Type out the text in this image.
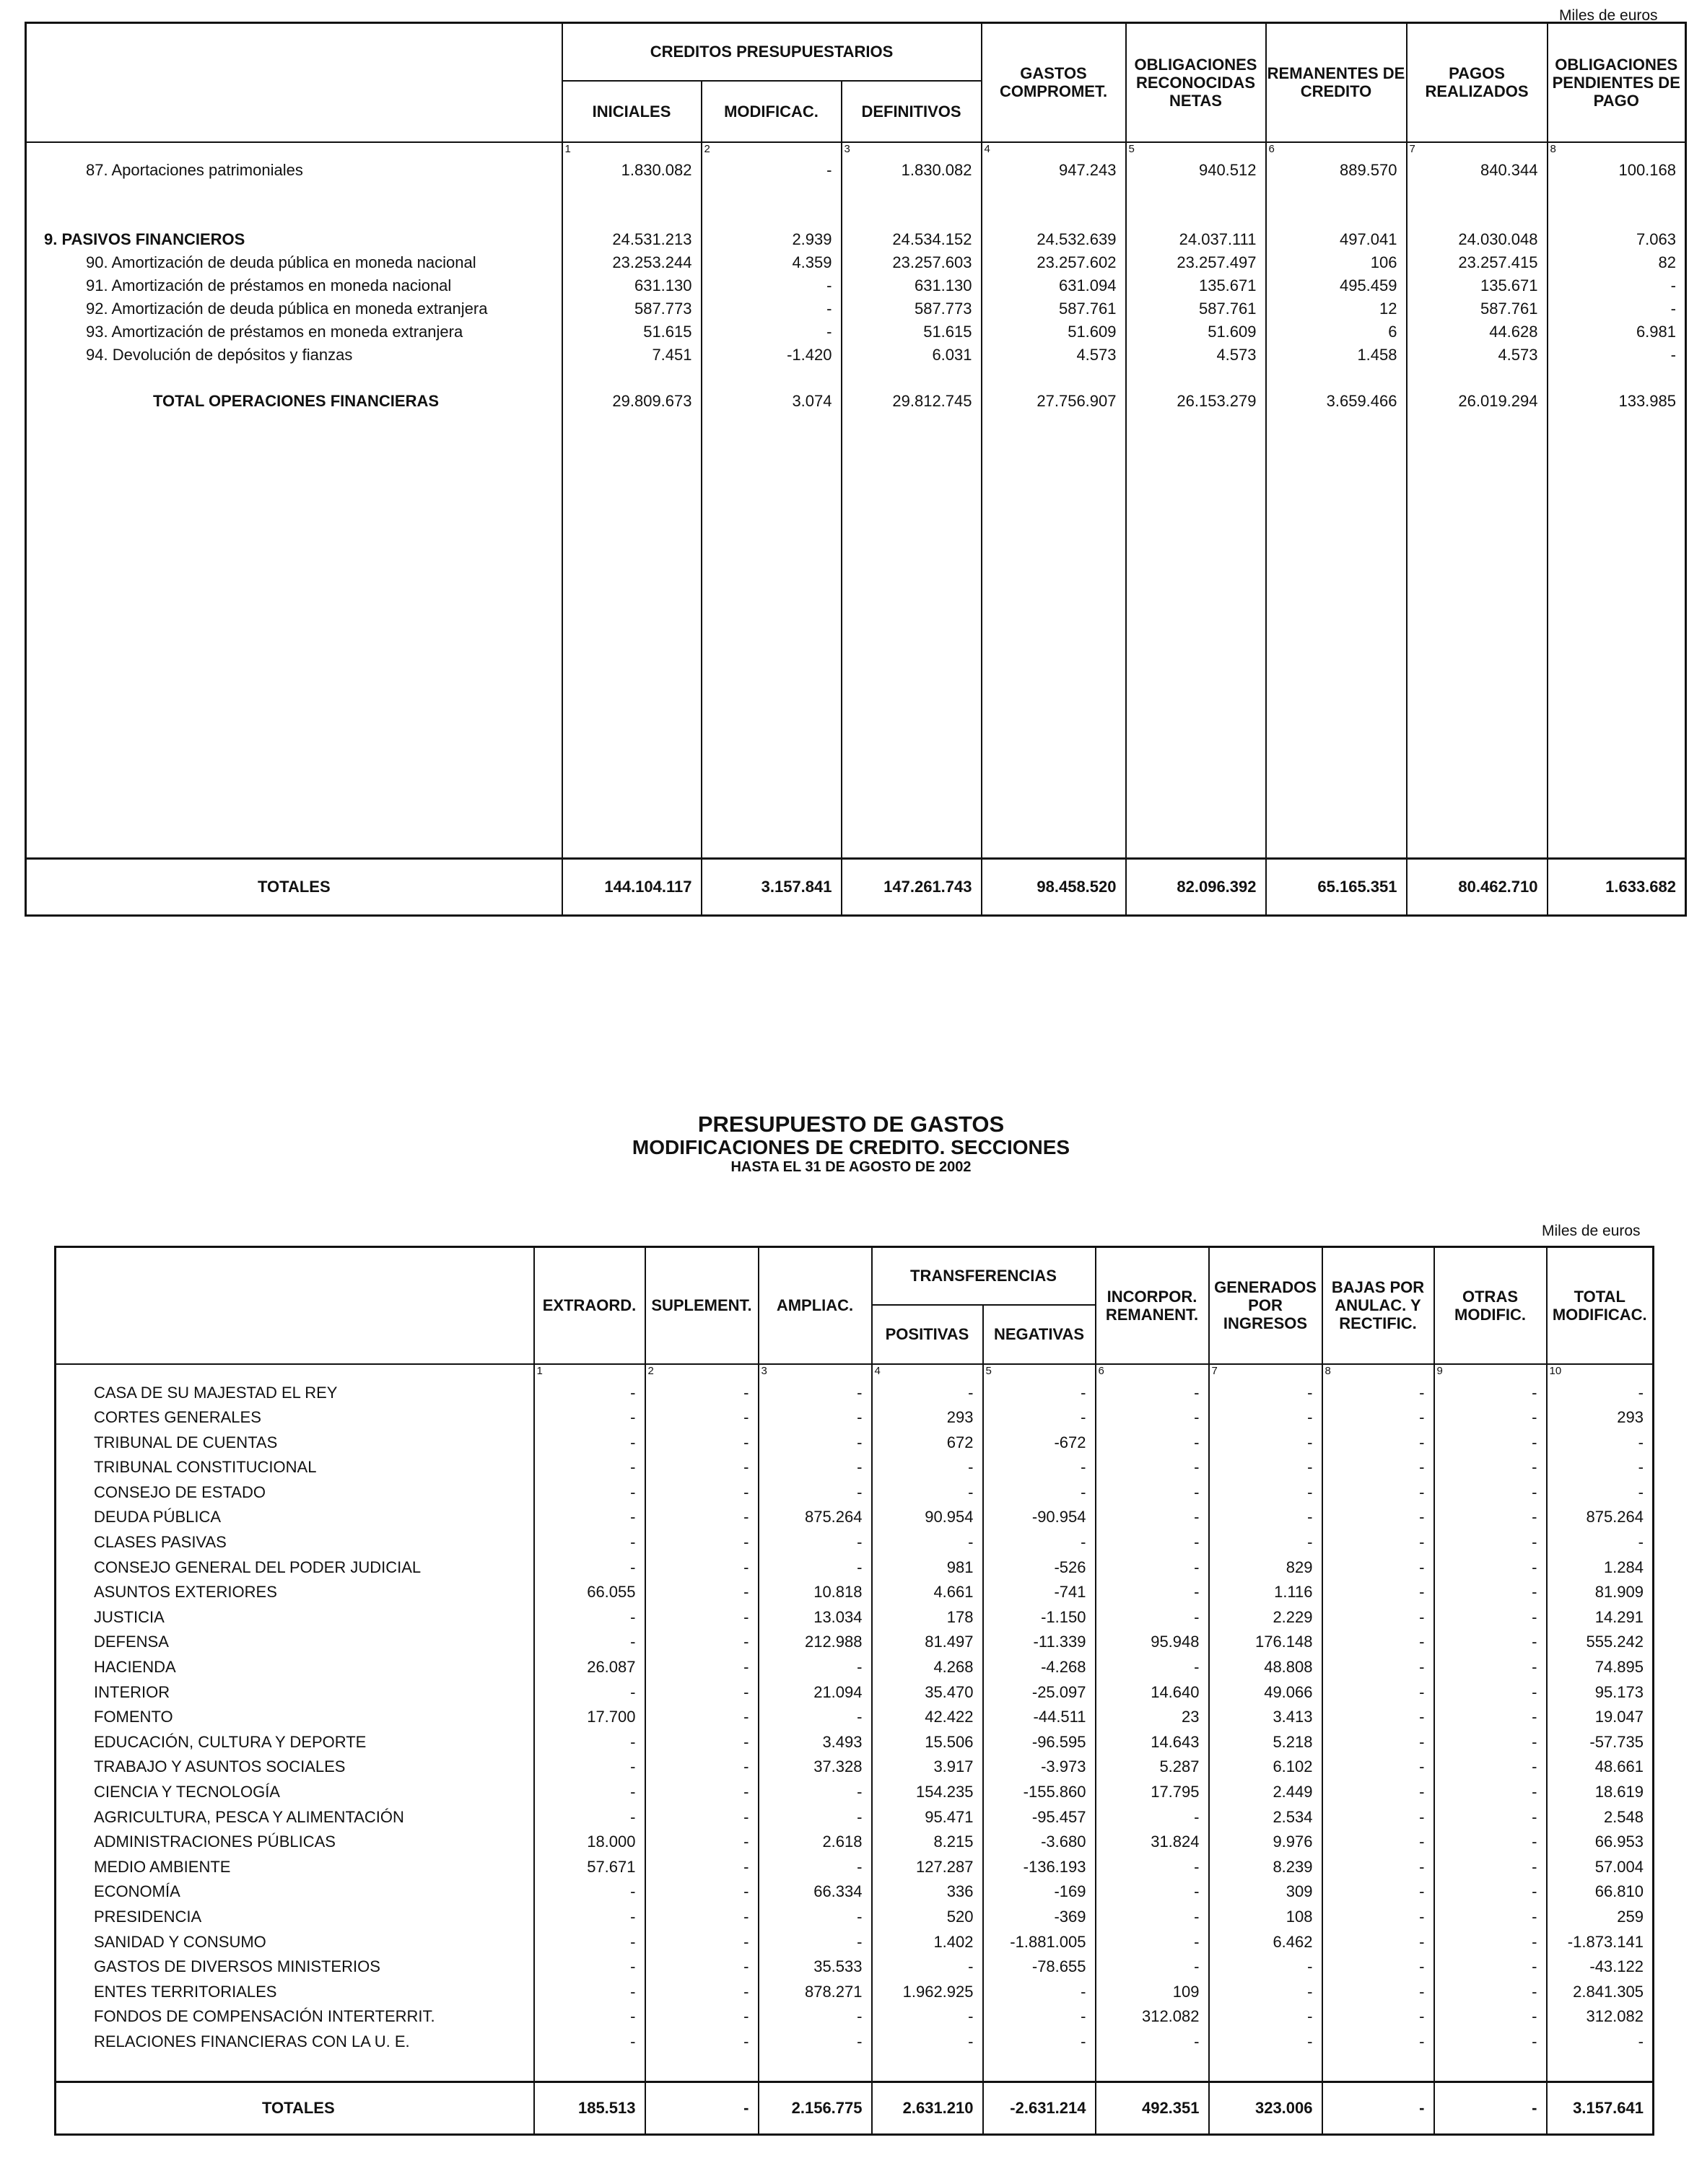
Miles de euros
	CREDITOS PRESUPUESTARIOS			GASTOS COMPROMET.	OBLIGACIONES RECONOCIDAS NETAS	REMANENTES DE CREDITO	PAGOS REALIZADOS	OBLIGACIONES PENDIENTES DE PAGO
	INICIALES	MODIFICAC.	DEFINITIVOS					
	1	2	3	4	5	6	7	8
87. Aportaciones patrimoniales	1.830.082	-	1.830.082	947.243	940.512	889.570	840.344	100.168

9. PASIVOS FINANCIEROS	24.531.213	2.939	24.534.152	24.532.639	24.037.111	497.041	24.030.048	7.063
90. Amortización de deuda pública en moneda nacional	23.253.244	4.359	23.257.603	23.257.602	23.257.497	106	23.257.415	82
91. Amortización de préstamos en moneda nacional	631.130	-	631.130	631.094	135.671	495.459	135.671	-
92. Amortización de deuda pública en moneda extranjera	587.773	-	587.773	587.761	587.761	12	587.761	-
93. Amortización de préstamos en moneda extranjera	51.615	-	51.615	51.609	51.609	6	44.628	6.981
94. Devolución de depósitos y fianzas	7.451	-1.420	6.031	4.573	4.573	1.458	4.573	-

TOTAL OPERACIONES FINANCIERAS	29.809.673	3.074	29.812.745	27.756.907	26.153.279	3.659.466	26.019.294	133.985

TOTALES	144.104.117	3.157.841	147.261.743	98.458.520	82.096.392	65.165.351	80.462.710	1.633.682
PRESUPUESTO DE GASTOS
MODIFICACIONES DE CREDITO. SECCIONES
HASTA EL 31 DE AGOSTO DE 2002
Miles de euros
	EXTRAORD.	SUPLEMENT.	AMPLIAC.	TRANSFERENCIAS		INCORPOR. REMANENT.	GENERADOS POR INGRESOS	BAJAS POR ANULAC. Y RECTIFIC.	OTRAS MODIFIC.	TOTAL MODIFICAC.
				POSITIVAS	NEGATIVAS					
	1	2	3	4	5	6	7	8	9	10
CASA DE SU MAJESTAD EL REY	-	-	-	-	-	-	-	-	-	-
CORTES GENERALES	-	-	-	293	-	-	-	-	-	293
TRIBUNAL DE CUENTAS	-	-	-	672	-672	-	-	-	-	-
TRIBUNAL CONSTITUCIONAL	-	-	-	-	-	-	-	-	-	-
CONSEJO DE ESTADO	-	-	-	-	-	-	-	-	-	-
DEUDA PÚBLICA	-	-	875.264	90.954	-90.954	-	-	-	-	875.264
CLASES PASIVAS	-	-	-	-	-	-	-	-	-	-
CONSEJO GENERAL DEL PODER JUDICIAL	-	-	-	981	-526	-	829	-	-	1.284
ASUNTOS EXTERIORES	66.055	-	10.818	4.661	-741	-	1.116	-	-	81.909
JUSTICIA	-	-	13.034	178	-1.150	-	2.229	-	-	14.291
DEFENSA	-	-	212.988	81.497	-11.339	95.948	176.148	-	-	555.242
HACIENDA	26.087	-	-	4.268	-4.268	-	48.808	-	-	74.895
INTERIOR	-	-	21.094	35.470	-25.097	14.640	49.066	-	-	95.173
FOMENTO	17.700	-	-	42.422	-44.511	23	3.413	-	-	19.047
EDUCACIÓN, CULTURA Y DEPORTE	-	-	3.493	15.506	-96.595	14.643	5.218	-	-	-57.735
TRABAJO Y ASUNTOS SOCIALES	-	-	37.328	3.917	-3.973	5.287	6.102	-	-	48.661
CIENCIA Y TECNOLOGÍA	-	-	-	154.235	-155.860	17.795	2.449	-	-	18.619
AGRICULTURA, PESCA Y ALIMENTACIÓN	-	-	-	95.471	-95.457	-	2.534	-	-	2.548
ADMINISTRACIONES PÚBLICAS	18.000	-	2.618	8.215	-3.680	31.824	9.976	-	-	66.953
MEDIO AMBIENTE	57.671	-	-	127.287	-136.193	-	8.239	-	-	57.004
ECONOMÍA	-	-	66.334	336	-169	-	309	-	-	66.810
PRESIDENCIA	-	-	-	520	-369	-	108	-	-	259
SANIDAD Y CONSUMO	-	-	-	1.402	-1.881.005	-	6.462	-	-	-1.873.141
GASTOS DE DIVERSOS MINISTERIOS	-	-	35.533	-	-78.655	-	-	-	-	-43.122
ENTES TERRITORIALES	-	-	878.271	1.962.925	-	109	-	-	-	2.841.305
FONDOS DE COMPENSACIÓN INTERTERRIT.	-	-	-	-	-	312.082	-	-	-	312.082
RELACIONES FINANCIERAS CON LA U. E.	-	-	-	-	-	-	-	-	-	-

TOTALES	185.513	-	2.156.775	2.631.210	-2.631.214	492.351	323.006	-	-	3.157.641
